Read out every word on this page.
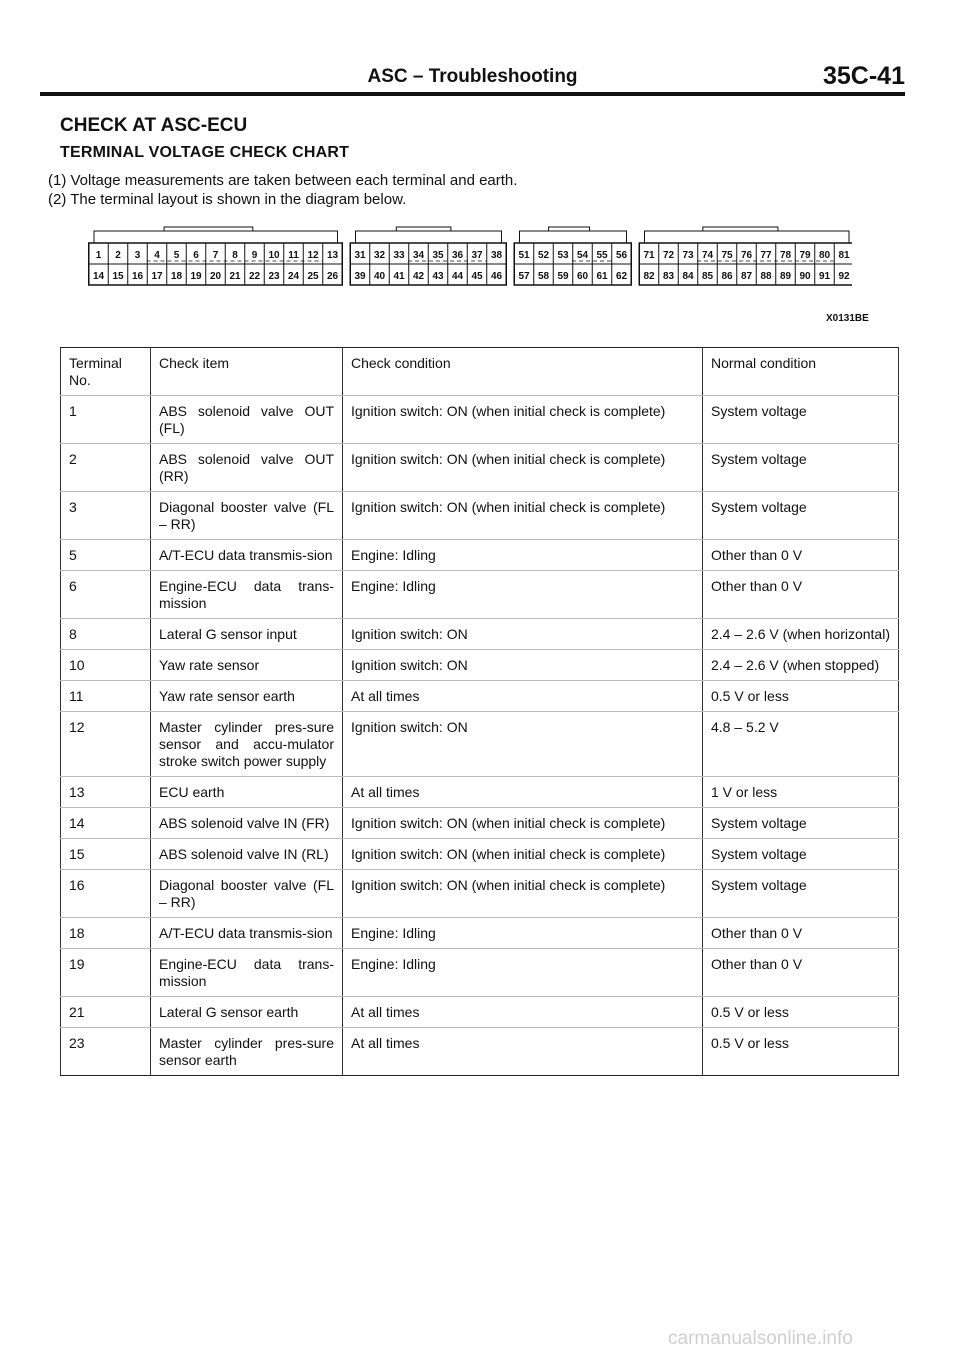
ASC – Troubleshooting	35C-41
CHECK AT ASC-ECU
TERMINAL VOLTAGE CHECK CHART
(1) Voltage measurements are taken between each terminal and earth.
(2) The terminal layout is shown in the diagram below.
1 2 3 4 5 6 7 8 9 10 11 12 13
14 15 16 17 18 19 20 21 22 23 24 25 26
31 32 33 34 35 36 37 38
39 40 41 42 43 44 45 46
51 52 53 54 55 56
57 58 59 60 61 62
71 72 73 74 75 76 77 78 79 80 81
82 83 84 85 86 87 88 89 90 91 92
X0131BE
Terminal No.	Check item	Check condition	Normal condition
1	ABS solenoid valve OUT (FL)	Ignition switch: ON (when initial check is complete)	System voltage
2	ABS solenoid valve OUT (RR)	Ignition switch: ON (when initial check is complete)	System voltage
3	Diagonal booster valve (FL – RR)	Ignition switch: ON (when initial check is complete)	System voltage
5	A/T-ECU data transmis-sion	Engine: Idling	Other than 0 V
6	Engine-ECU data trans-mission	Engine: Idling	Other than 0 V
8	Lateral G sensor input	Ignition switch: ON	2.4 – 2.6 V (when horizontal)
10	Yaw rate sensor	Ignition switch: ON	2.4 – 2.6 V (when stopped)
11	Yaw rate sensor earth	At all times	0.5 V or less
12	Master cylinder pres-sure sensor and accu-mulator stroke switch power supply	Ignition switch: ON	4.8 – 5.2 V
13	ECU earth	At all times	1 V or less
14	ABS solenoid valve IN (FR)	Ignition switch: ON (when initial check is complete)	System voltage
15	ABS solenoid valve IN (RL)	Ignition switch: ON (when initial check is complete)	System voltage
16	Diagonal booster valve (FL – RR)	Ignition switch: ON (when initial check is complete)	System voltage
18	A/T-ECU data transmis-sion	Engine: Idling	Other than 0 V
19	Engine-ECU data trans-mission	Engine: Idling	Other than 0 V
21	Lateral G sensor earth	At all times	0.5 V or less
23	Master cylinder pres-sure sensor earth	At all times	0.5 V or less
carmanualsonline.info
